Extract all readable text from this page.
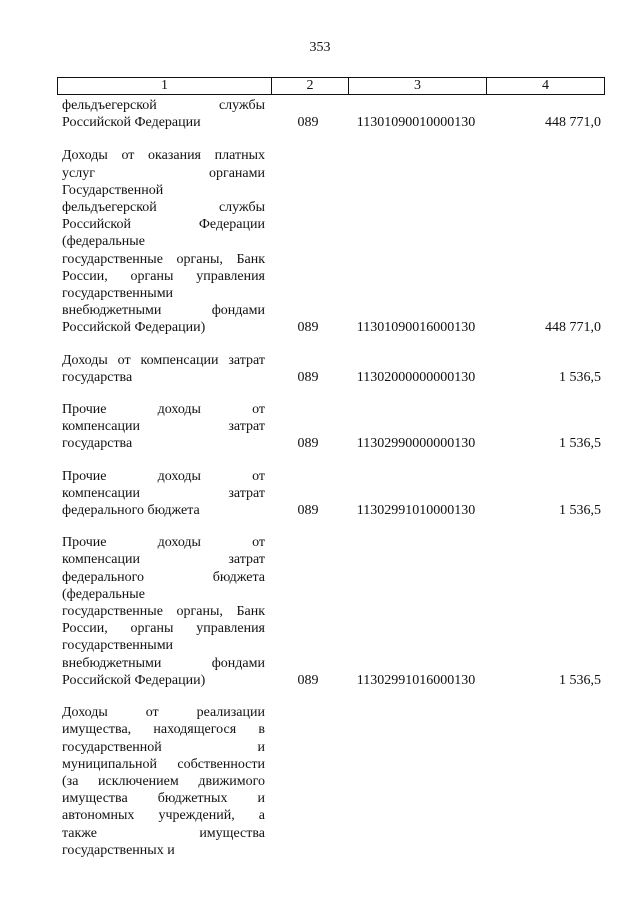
353
1	2	3	4
фельдъегерской службы
Российской Федерации	089	11301090010000130	448 771,0
Доходы от оказания платных
услуг органами
Государственной
фельдъегерской службы
Российской Федерации
(федеральные
государственные органы, Банк
России, органы управления
государственными
внебюджетными фондами
Российской Федерации)	089	11301090016000130	448 771,0
Доходы от компенсации затрат
государства	089	11302000000000130	1 536,5
Прочие доходы от
компенсации затрат
государства	089	11302990000000130	1 536,5
Прочие доходы от
компенсации затрат
федерального бюджета	089	11302991010000130	1 536,5
Прочие доходы от
компенсации затрат
федерального бюджета
(федеральные
государственные органы, Банк
России, органы управления
государственными
внебюджетными фондами
Российской Федерации)	089	11302991016000130	1 536,5
Доходы от реализации
имущества, находящегося в
государственной и
муниципальной собственности
(за исключением движимого
имущества бюджетных и
автономных учреждений, а
также имущества
государственных и
